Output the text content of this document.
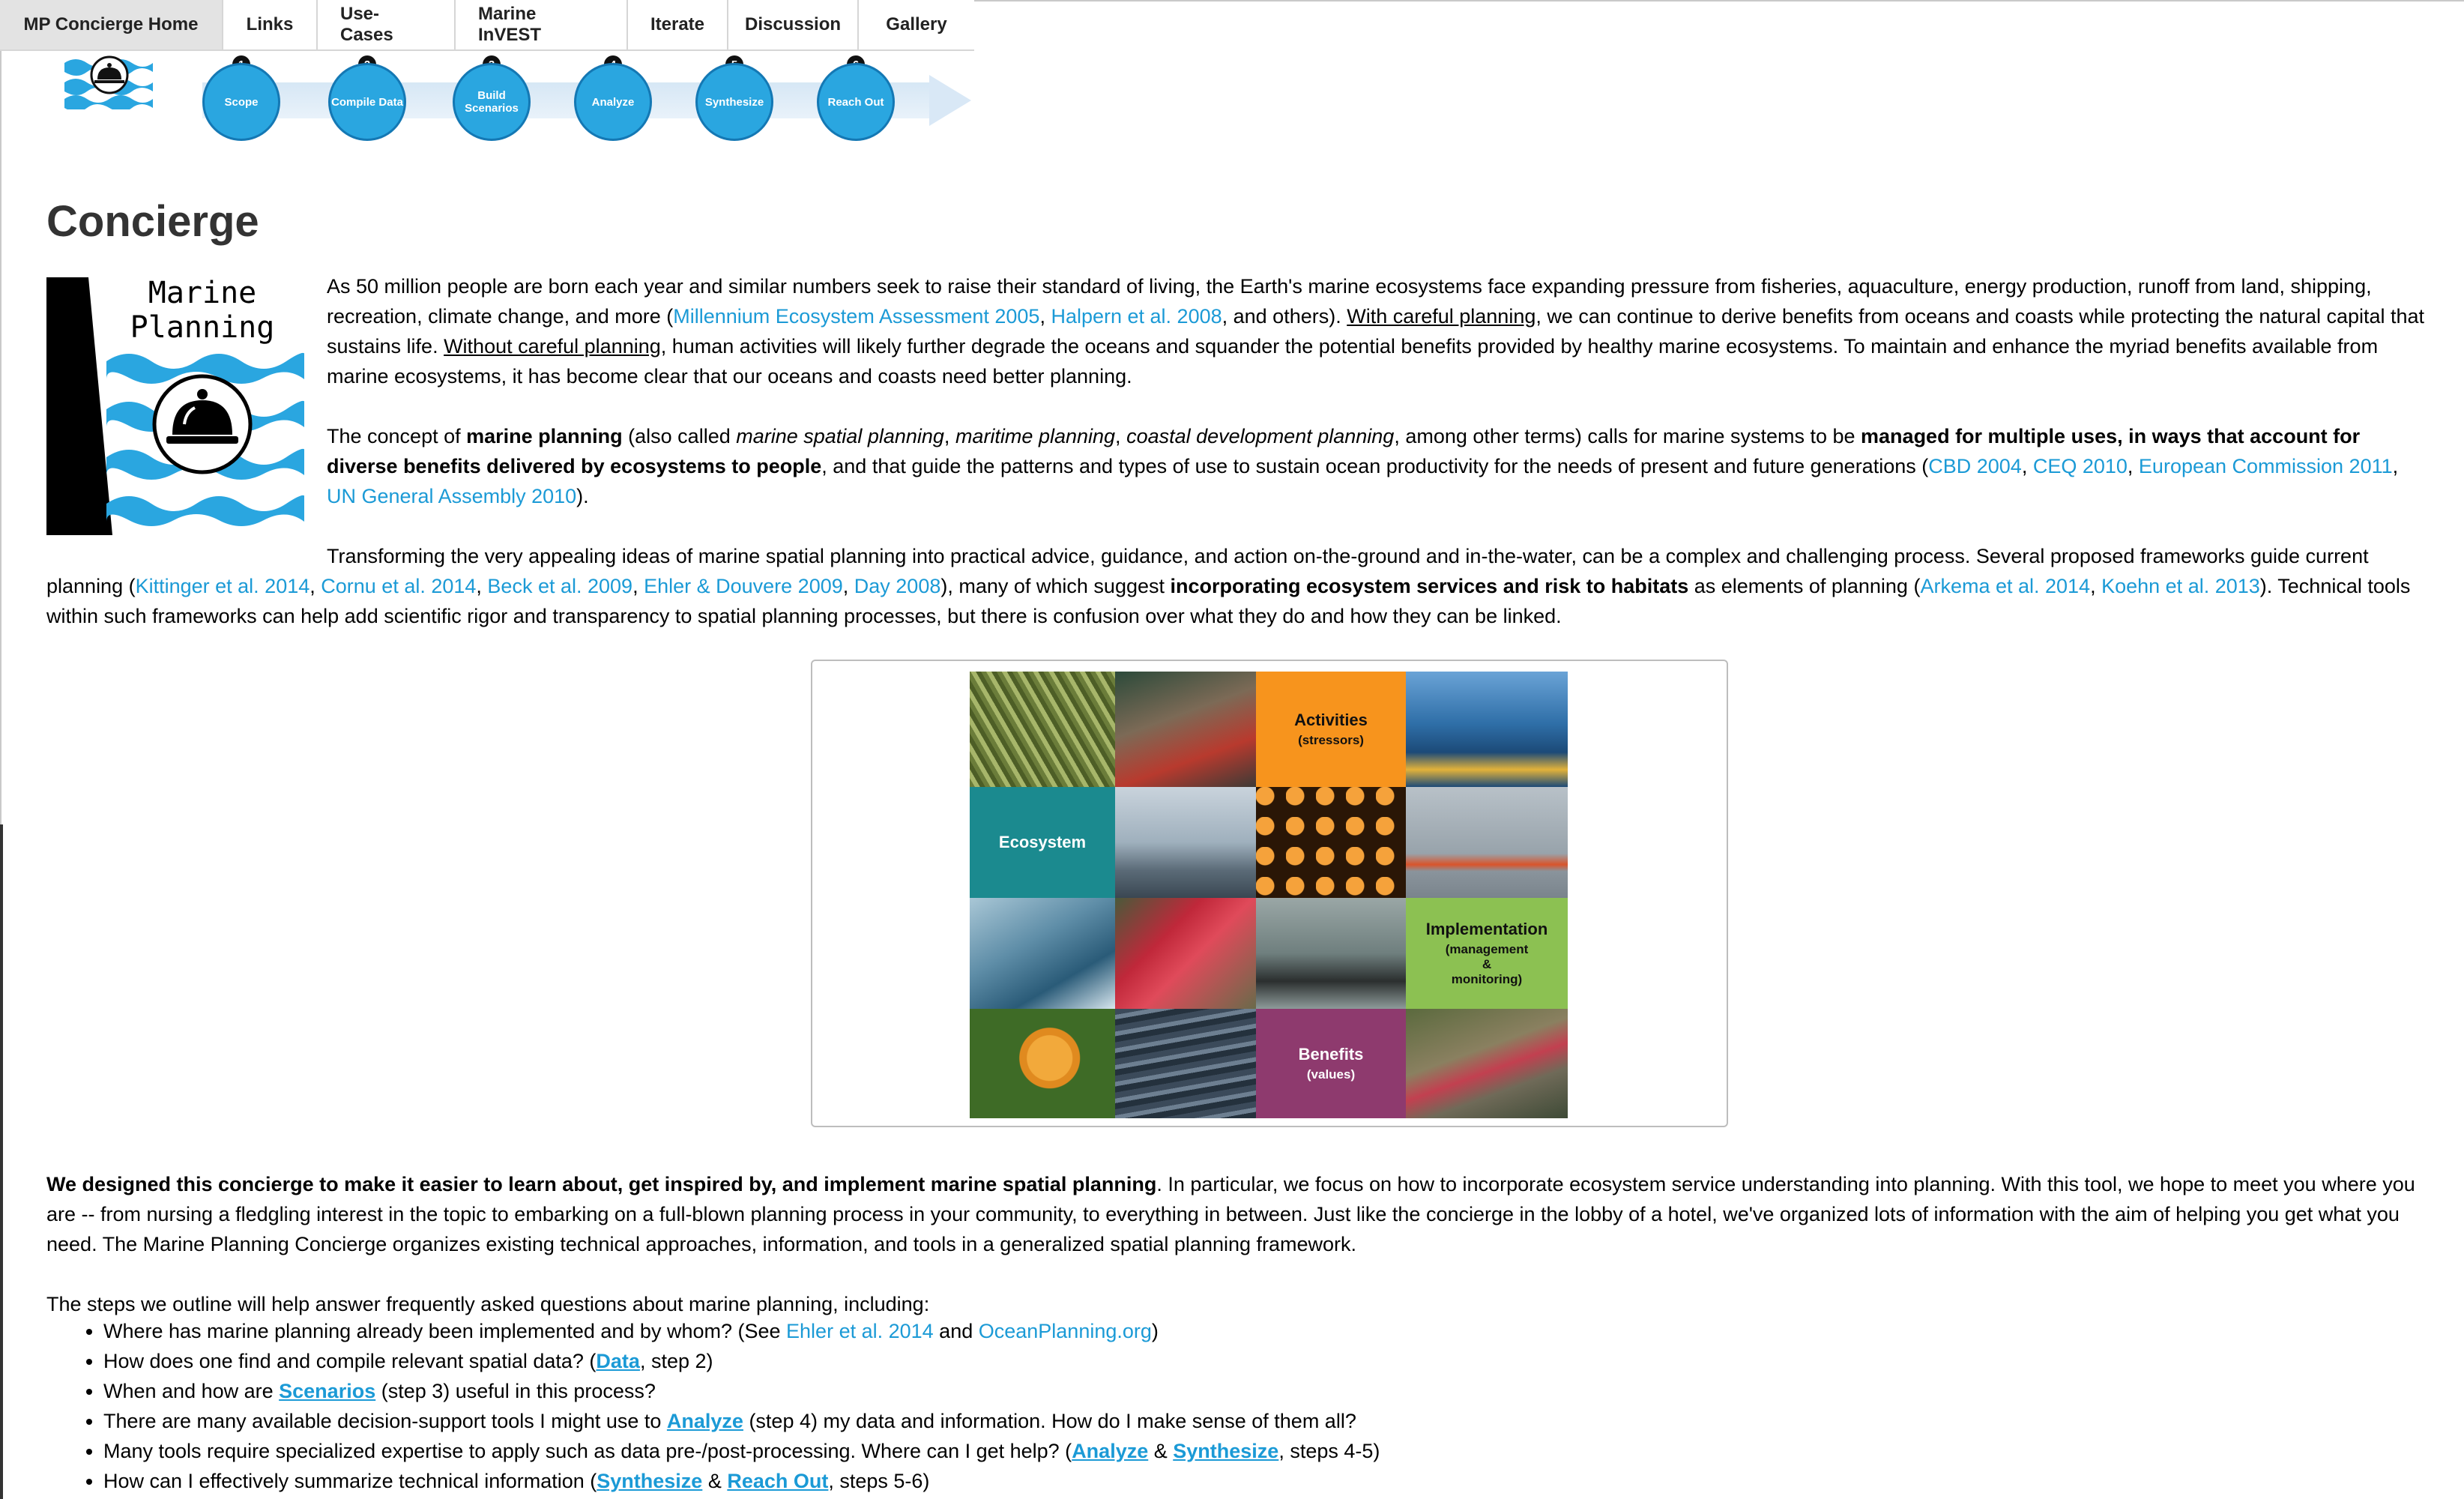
MP Concierge Home	Links
Use-Cases
Marine InVEST
Iterate	Discussion	Gallery
Scope	Compile Data	Build Scenarios	Analyze	Synthesize	Reach Out
Concierge
Marine
Planning

As 50 million people are born each year and similar numbers seek to raise their standard of living, the Earth's marine ecosystems face expanding pressure from fisheries, aquaculture, energy production, runoff from land, shipping, recreation, climate change, and more (Millennium Ecosystem Assessment 2005, Halpern et al. 2008, and others). With careful planning, we can continue to derive benefits from oceans and coasts while protecting the natural capital that sustains life. Without careful planning, human activities will likely further degrade the oceans and squander the potential benefits provided by healthy marine ecosystems. To maintain and enhance the myriad benefits available from marine ecosystems, it has become clear that our oceans and coasts need better planning.

The concept of marine planning (also called marine spatial planning, maritime planning, coastal development planning, among other terms) calls for marine systems to be managed for multiple uses, in ways that account for diverse benefits delivered by ecosystems to people, and that guide the patterns and types of use to sustain ocean productivity for the needs of present and future generations (CBD 2004, CEQ 2010, European Commission 2011, UN General Assembly 2010).

Transforming the very appealing ideas of marine spatial planning into practical advice, guidance, and action on-the-ground and in-the-water, can be a complex and challenging process. Several proposed frameworks guide current planning (Kittinger et al. 2014, Cornu et al. 2014, Beck et al. 2009, Ehler & Douvere 2009, Day 2008), many of which suggest incorporating ecosystem services and risk to habitats as elements of planning (Arkema et al. 2014, Koehn et al. 2013). Technical tools within such frameworks can help add scientific rigor and transparency to spatial planning processes, but there is confusion over what they do and how they can be linked.

Activities
(stressors)
Ecosystem
Implementation
(management
&
monitoring)
Benefits
(values)

We designed this concierge to make it easier to learn about, get inspired by, and implement marine spatial planning. In particular, we focus on how to incorporate ecosystem service understanding into planning. With this tool, we hope to meet you where you are -- from nursing a fledgling interest in the topic to embarking on a full-blown planning process in your community, to everything in between. Just like the concierge in the lobby of a hotel, we've organized lots of information with the aim of helping you get what you need. The Marine Planning Concierge organizes existing technical approaches, information, and tools in a generalized spatial planning framework.

The steps we outline will help answer frequently asked questions about marine planning, including:

• Where has marine planning already been implemented and by whom? (See Ehler et al. 2014 and OceanPlanning.org)
• How does one find and compile relevant spatial data? (Data, step 2)
• When and how are Scenarios (step 3) useful in this process?
• There are many available decision-support tools I might use to Analyze (step 4) my data and information. How do I make sense of them all?
• Many tools require specialized expertise to apply such as data pre-/post-processing. Where can I get help? (Analyze & Synthesize, steps 4-5)
• How can I effectively summarize technical information (Synthesize & Reach Out, steps 5-6)
